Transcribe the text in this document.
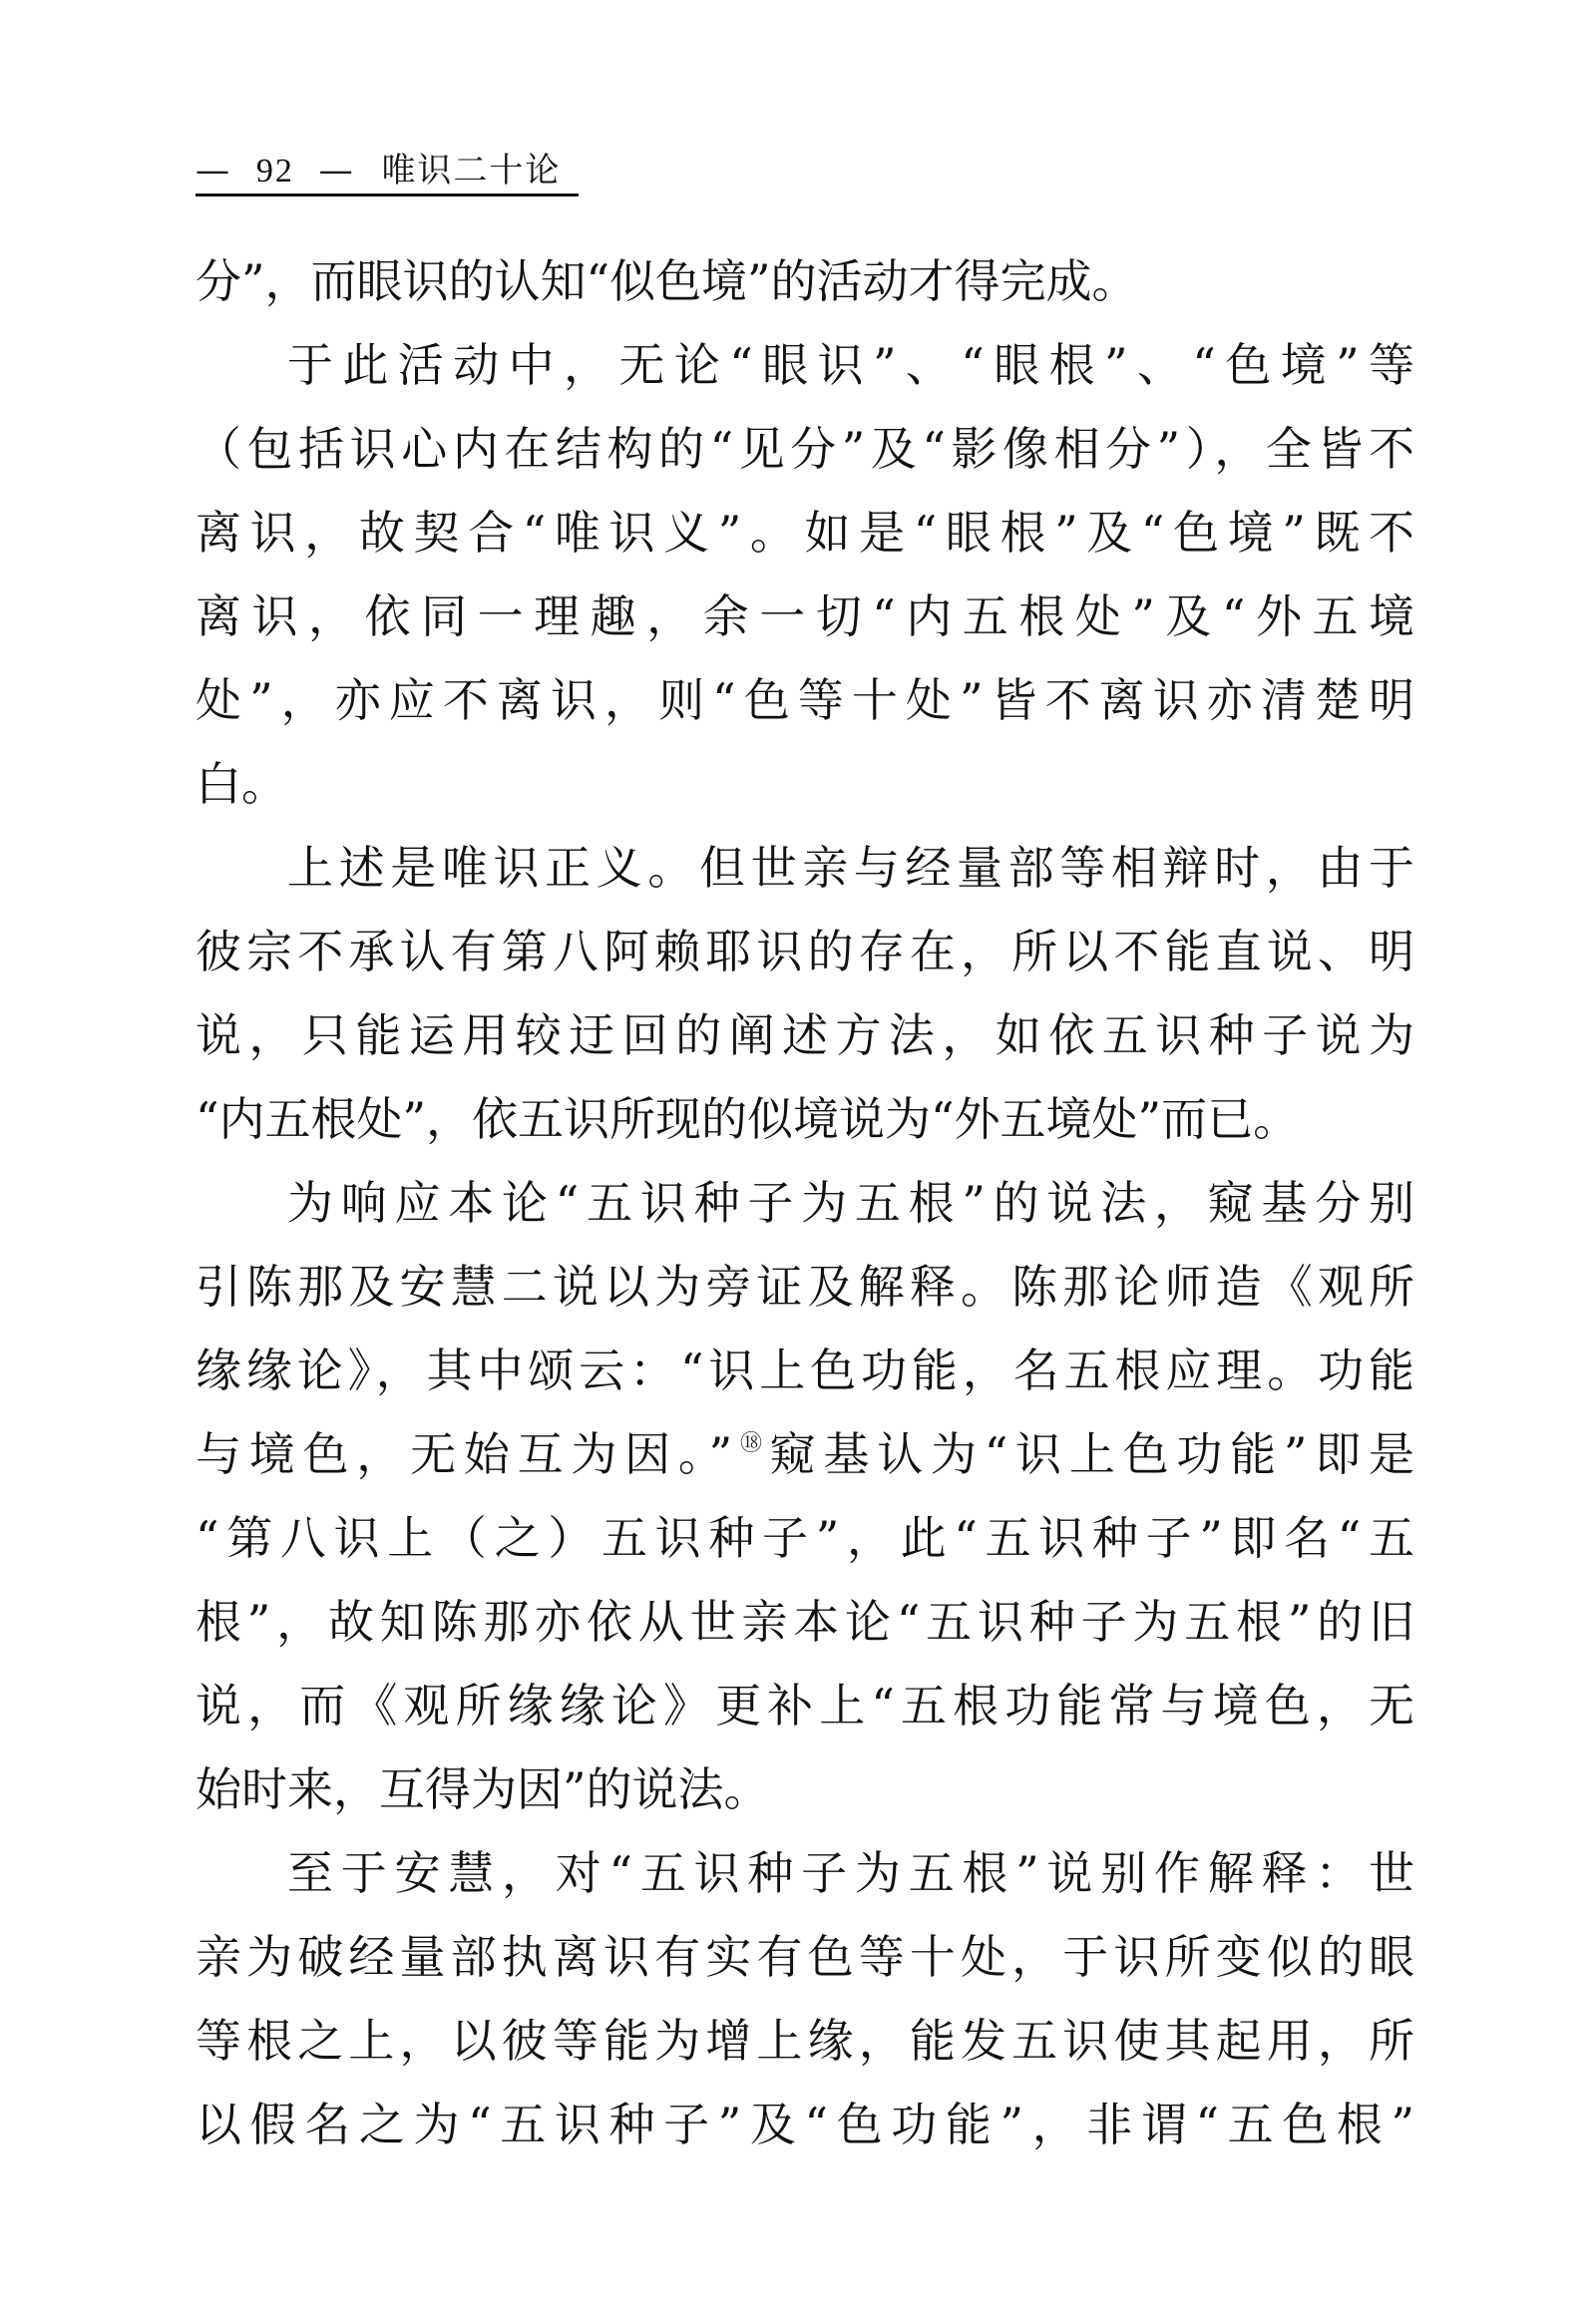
— 92 — 唯识二十论
分”，而眼识的认知“似色境”的活动才得完成。
于此活动中，无论“眼识”、“眼根”、“色境”等
（包括识心内在结构的“见分”及“影像相分”），全皆不
离识，故契合“唯识义”。如是“眼根”及“色境”既不
离识，依同一理趣，余一切“内五根处”及“外五境
处”，亦应不离识，则“色等十处”皆不离识亦清楚明
白。
上述是唯识正义。但世亲与经量部等相辩时，由于
彼宗不承认有第八阿赖耶识的存在，所以不能直说、明
说，只能运用较迂回的阐述方法，如依五识种子说为
“内五根处”，依五识所现的似境说为“外五境处”而已。
为响应本论“五识种子为五根”的说法，窥基分别
引陈那及安慧二说以为旁证及解释。陈那论师造《观所
缘缘论》，其中颂云：“识上色功能，名五根应理。功能
与境色，无始互为因。”⑱窥基认为“识上色功能”即是
“第八识上（之）五识种子”，此“五识种子”即名“五
根”，故知陈那亦依从世亲本论“五识种子为五根”的旧
说，而《观所缘缘论》更补上“五根功能常与境色，无
始时来，互得为因”的说法。
至于安慧，对“五识种子为五根”说别作解释：世
亲为破经量部执离识有实有色等十处，于识所变似的眼
等根之上，以彼等能为增上缘，能发五识使其起用，所
以假名之为“五识种子”及“色功能”，非谓“五色根”
